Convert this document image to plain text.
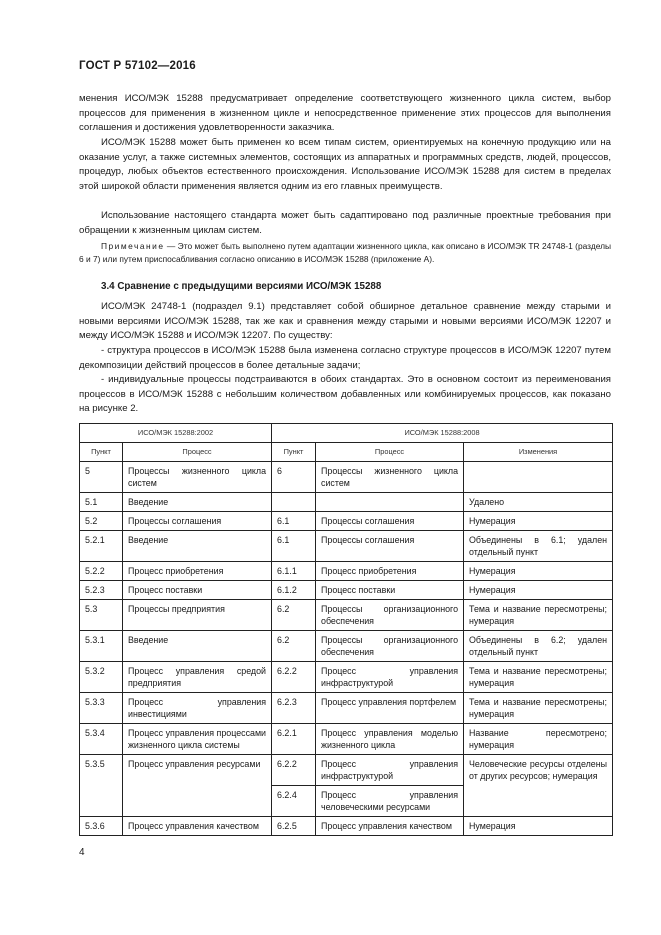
ГОСТ Р 57102—2016
менения ИСО/МЭК 15288 предусматривает определение соответствующего жизненного цикла систем, выбор процессов для применения в жизненном цикле и непосредственное применение этих процессов для выполнения соглашения и достижения удовлетворенности заказчика.
ИСО/МЭК 15288 может быть применен ко всем типам систем, ориентируемых на конечную продукцию или на оказание услуг, а также системных элементов, состоящих из аппаратных и программных средств, людей, процессов, процедур, любых объектов естественного происхождения. Использование ИСО/МЭК 15288 для систем в пределах этой широкой области применения является одним из его главных преимуществ.
Использование настоящего стандарта может быть садаптировано под различные проектные требования при обращении к жизненным циклам систем.
Примечание — Это может быть выполнено путем адаптации жизненного цикла, как описано в ИСО/МЭК TR 24748-1 (разделы 6 и 7) или путем приспосабливания согласно описанию в ИСО/МЭК 15288 (приложение А).
3.4 Сравнение с предыдущими версиями ИСО/МЭК 15288
ИСО/МЭК 24748-1 (подраздел 9.1) представляет собой обширное детальное сравнение между старыми и новыми версиями ИСО/МЭК 15288, так же как и сравнения между старыми и новыми версиями ИСО/МЭК 12207 и между ИСО/МЭК 15288 и ИСО/МЭК 12207. По существу:
- структура процессов в ИСО/МЭК 15288 была изменена согласно структуре процессов в ИСО/МЭК 12207 путем декомпозиции действий процессов в более детальные задачи;
- индивидуальные процессы подстраиваются в обоих стандартах. Это в основном состоит из переименования процессов в ИСО/МЭК 15288 с небольшим количеством добавленных или комбинируемых процессов, как показано на рисунке 2.
ИСО/МЭК 15288:2002		ИСО/МЭК 15288:2008		
Пункт	Процесс	Пункт	Процесс	Изменения
5	Процессы жизненного цикла систем	6	Процессы жизненного цикла систем	
5.1	Введение			Удалено
5.2	Процессы соглашения	6.1	Процессы соглашения	Нумерация
5.2.1	Введение	6.1	Процессы соглашения	Объединены в 6.1; удален отдельный пункт
5.2.2	Процесс приобретения	6.1.1	Процесс приобретения	Нумерация
5.2.3	Процесс поставки	6.1.2	Процесс поставки	Нумерация
5.3	Процессы предприятия	6.2	Процессы организационного обеспечения	Тема и название пересмотрены; нумерация
5.3.1	Введение	6.2	Процессы организационного обеспечения	Объединены в 6.2; удален отдельный пункт
5.3.2	Процесс управления средой предприятия	6.2.2	Процесс управления инфраструктурой	Тема и название пересмотрены; нумерация
5.3.3	Процесс управления инвестициями	6.2.3	Процесс управления портфелем	Тема и название пересмотрены; нумерация
5.3.4	Процесс управления процессами жизненного цикла системы	6.2.1	Процесс управления моделью жизненного цикла	Название пересмотрено; нумерация
5.3.5	Процесс управления ресурсами	6.2.2	Процесс управления инфраструктурой	Человеческие ресурсы отделены от других ресурсов; нумерация
		6.2.4	Процесс управления человеческими ресурсами	
5.3.6	Процесс управления качеством	6.2.5	Процесс управления качеством	Нумерация
4
